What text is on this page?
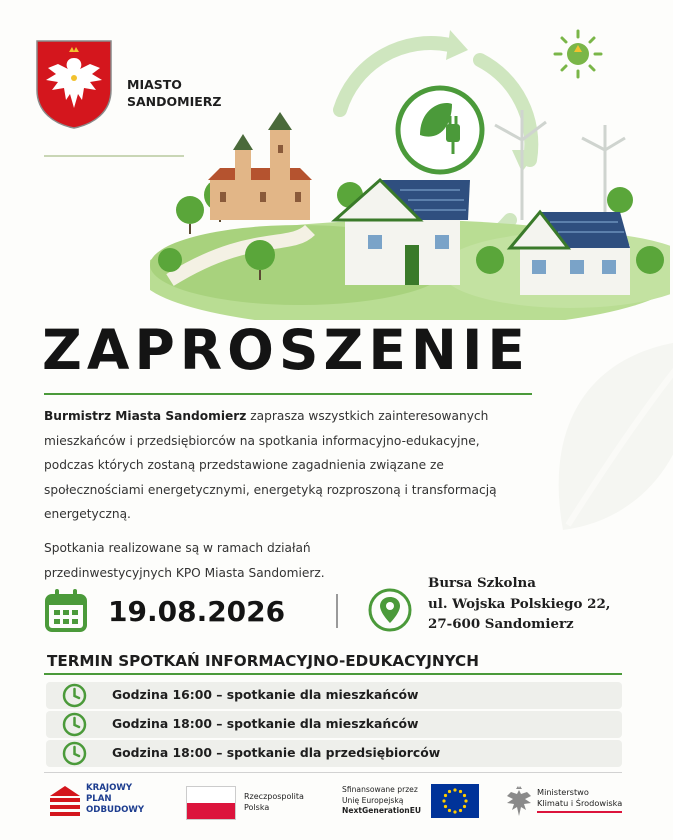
MIASTO
SANDOMIERZ
ZAPROSZENIE
Burmistrz Miasta Sandomierz zaprasza wszystkich zainteresowanych mieszkańców i przedsiębiorców na spotkania informacyjno-edukacyjne, podczas których zostaną przedstawione zagadnienia związane ze społecznościami energetycznymi, energetyką rozproszoną i transformacją energetyczną.
Spotkania realizowane są w ramach działań przedinwestycyjnych KPO Miasta Sandomierz.
19.08.2026
Bursa Szkolna
ul. Wojska Polskiego 22,
27-600 Sandomierz
TERMIN SPOTKAŃ INFORMACYJNO-EDUKACYJNYCH
Godzina 16:00 – spotkanie dla mieszkańców
Godzina 18:00 – spotkanie dla mieszkańców
Godzina 18:00 – spotkanie dla przedsiębiorców
KRAJOWY
PLAN
ODBUDOWY
Rzeczpospolita
Polska
Sfinansowane przez
Unię Europejską
NextGenerationEU
Ministerstwo
Klimatu i Środowiska
